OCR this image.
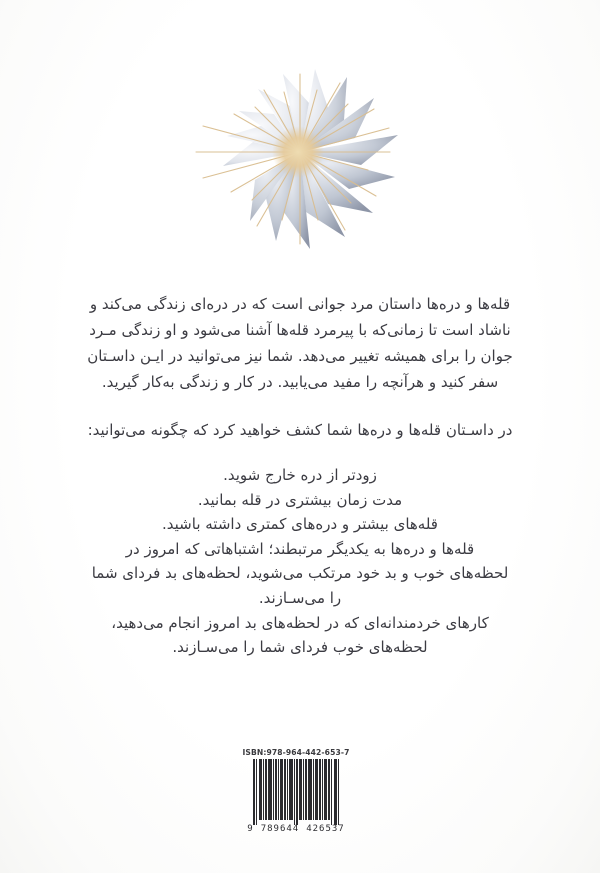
قله‌ها و دره‌ها داستان مرد جوانی است که در دره‌ای زندگی می‌کند و
ناشاد است تا زمانی‌که با پیرمرد قله‌ها آشنا می‌شود و او زندگی مـرد
جوان را برای همیشه تغییر می‌دهد. شما نیز می‌توانید در ایـن داسـتان
سفر کنید و هرآنچه را مفید می‌یابید. در کار و زندگی به‌کار گیرید.
در داسـتان قله‌ها و دره‌ها شما کشف خواهید کرد که چگونه می‌توانید:
زودتر از دره خارج شوید.
مدت زمان بیشتری در قله بمانید.
قله‌های بیشتر و دره‌های کمتری داشته باشید.
قله‌ها و دره‌ها به یکدیگر مرتبطند؛ اشتباهاتی که امروز در
لحظه‌های خوب و بد خود مرتکب می‌شوید، لحظه‌های بد فردای شما
را می‌سـازند.
کارهای خردمندانه‌ای که در لحظه‌های بد امروز انجام می‌دهید،
لحظه‌های خوب فردای شما را می‌سـازند.
ISBN:978-964-442-653-7
9 789644 426537
